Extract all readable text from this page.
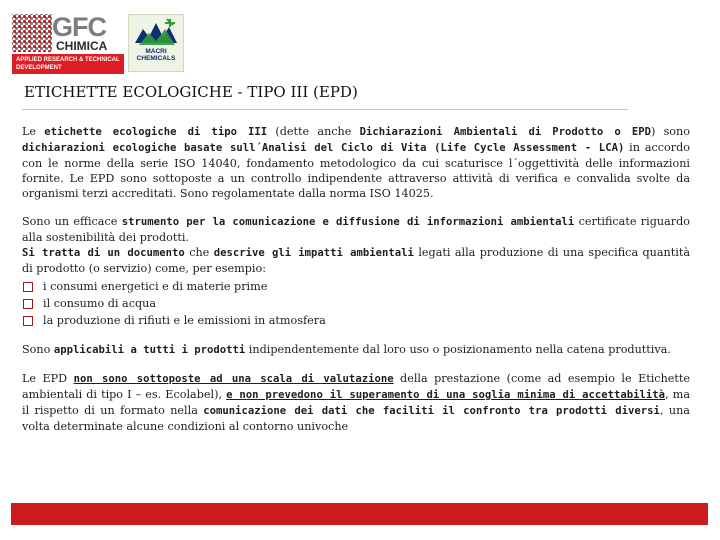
GFC
CHIMICA
APPLIED RESEARCH & TECHNICAL DEVELOPMENT
MACRI CHEMICALS
ETICHETTE ECOLOGICHE - TIPO III (EPD)

Le etichette ecologiche di tipo III (dette anche Dichiarazioni Ambientali di Prodotto o EPD) sono dichiarazioni ecologiche basate sull´Analisi del Ciclo di Vita (Life Cycle Assessment - LCA) in accordo con le norme della serie ISO 14040, fondamento metodologico da cui scaturisce l´oggettività delle informazioni fornite. Le EPD sono sottoposte a un controllo indipendente attraverso attività di verifica e convalida svolte da organismi terzi accreditati. Sono regolamentate dalla norma ISO 14025.

Sono un efficace strumento per la comunicazione e diffusione di informazioni ambientali certificate riguardo alla sostenibilità dei prodotti.

Si tratta di un documento che descrive gli impatti ambientali legati alla produzione di una specifica quantità di prodotto (o servizio) come, per esempio:

i consumi energetici e di materie prime
il consumo di acqua
la produzione di rifiuti e le emissioni in atmosfera

Sono applicabili a tutti i prodotti indipendentemente dal loro uso o posizionamento nella catena produttiva.

Le EPD non sono sottoposte ad una scala di valutazione della prestazione (come ad esempio le Etichette ambientali di tipo I – es. Ecolabel), e non prevedono il superamento di una soglia minima di accettabilità, ma il rispetto di un formato nella comunicazione dei dati che faciliti il confronto tra prodotti diversi, una volta determinate alcune condizioni al contorno univoche
